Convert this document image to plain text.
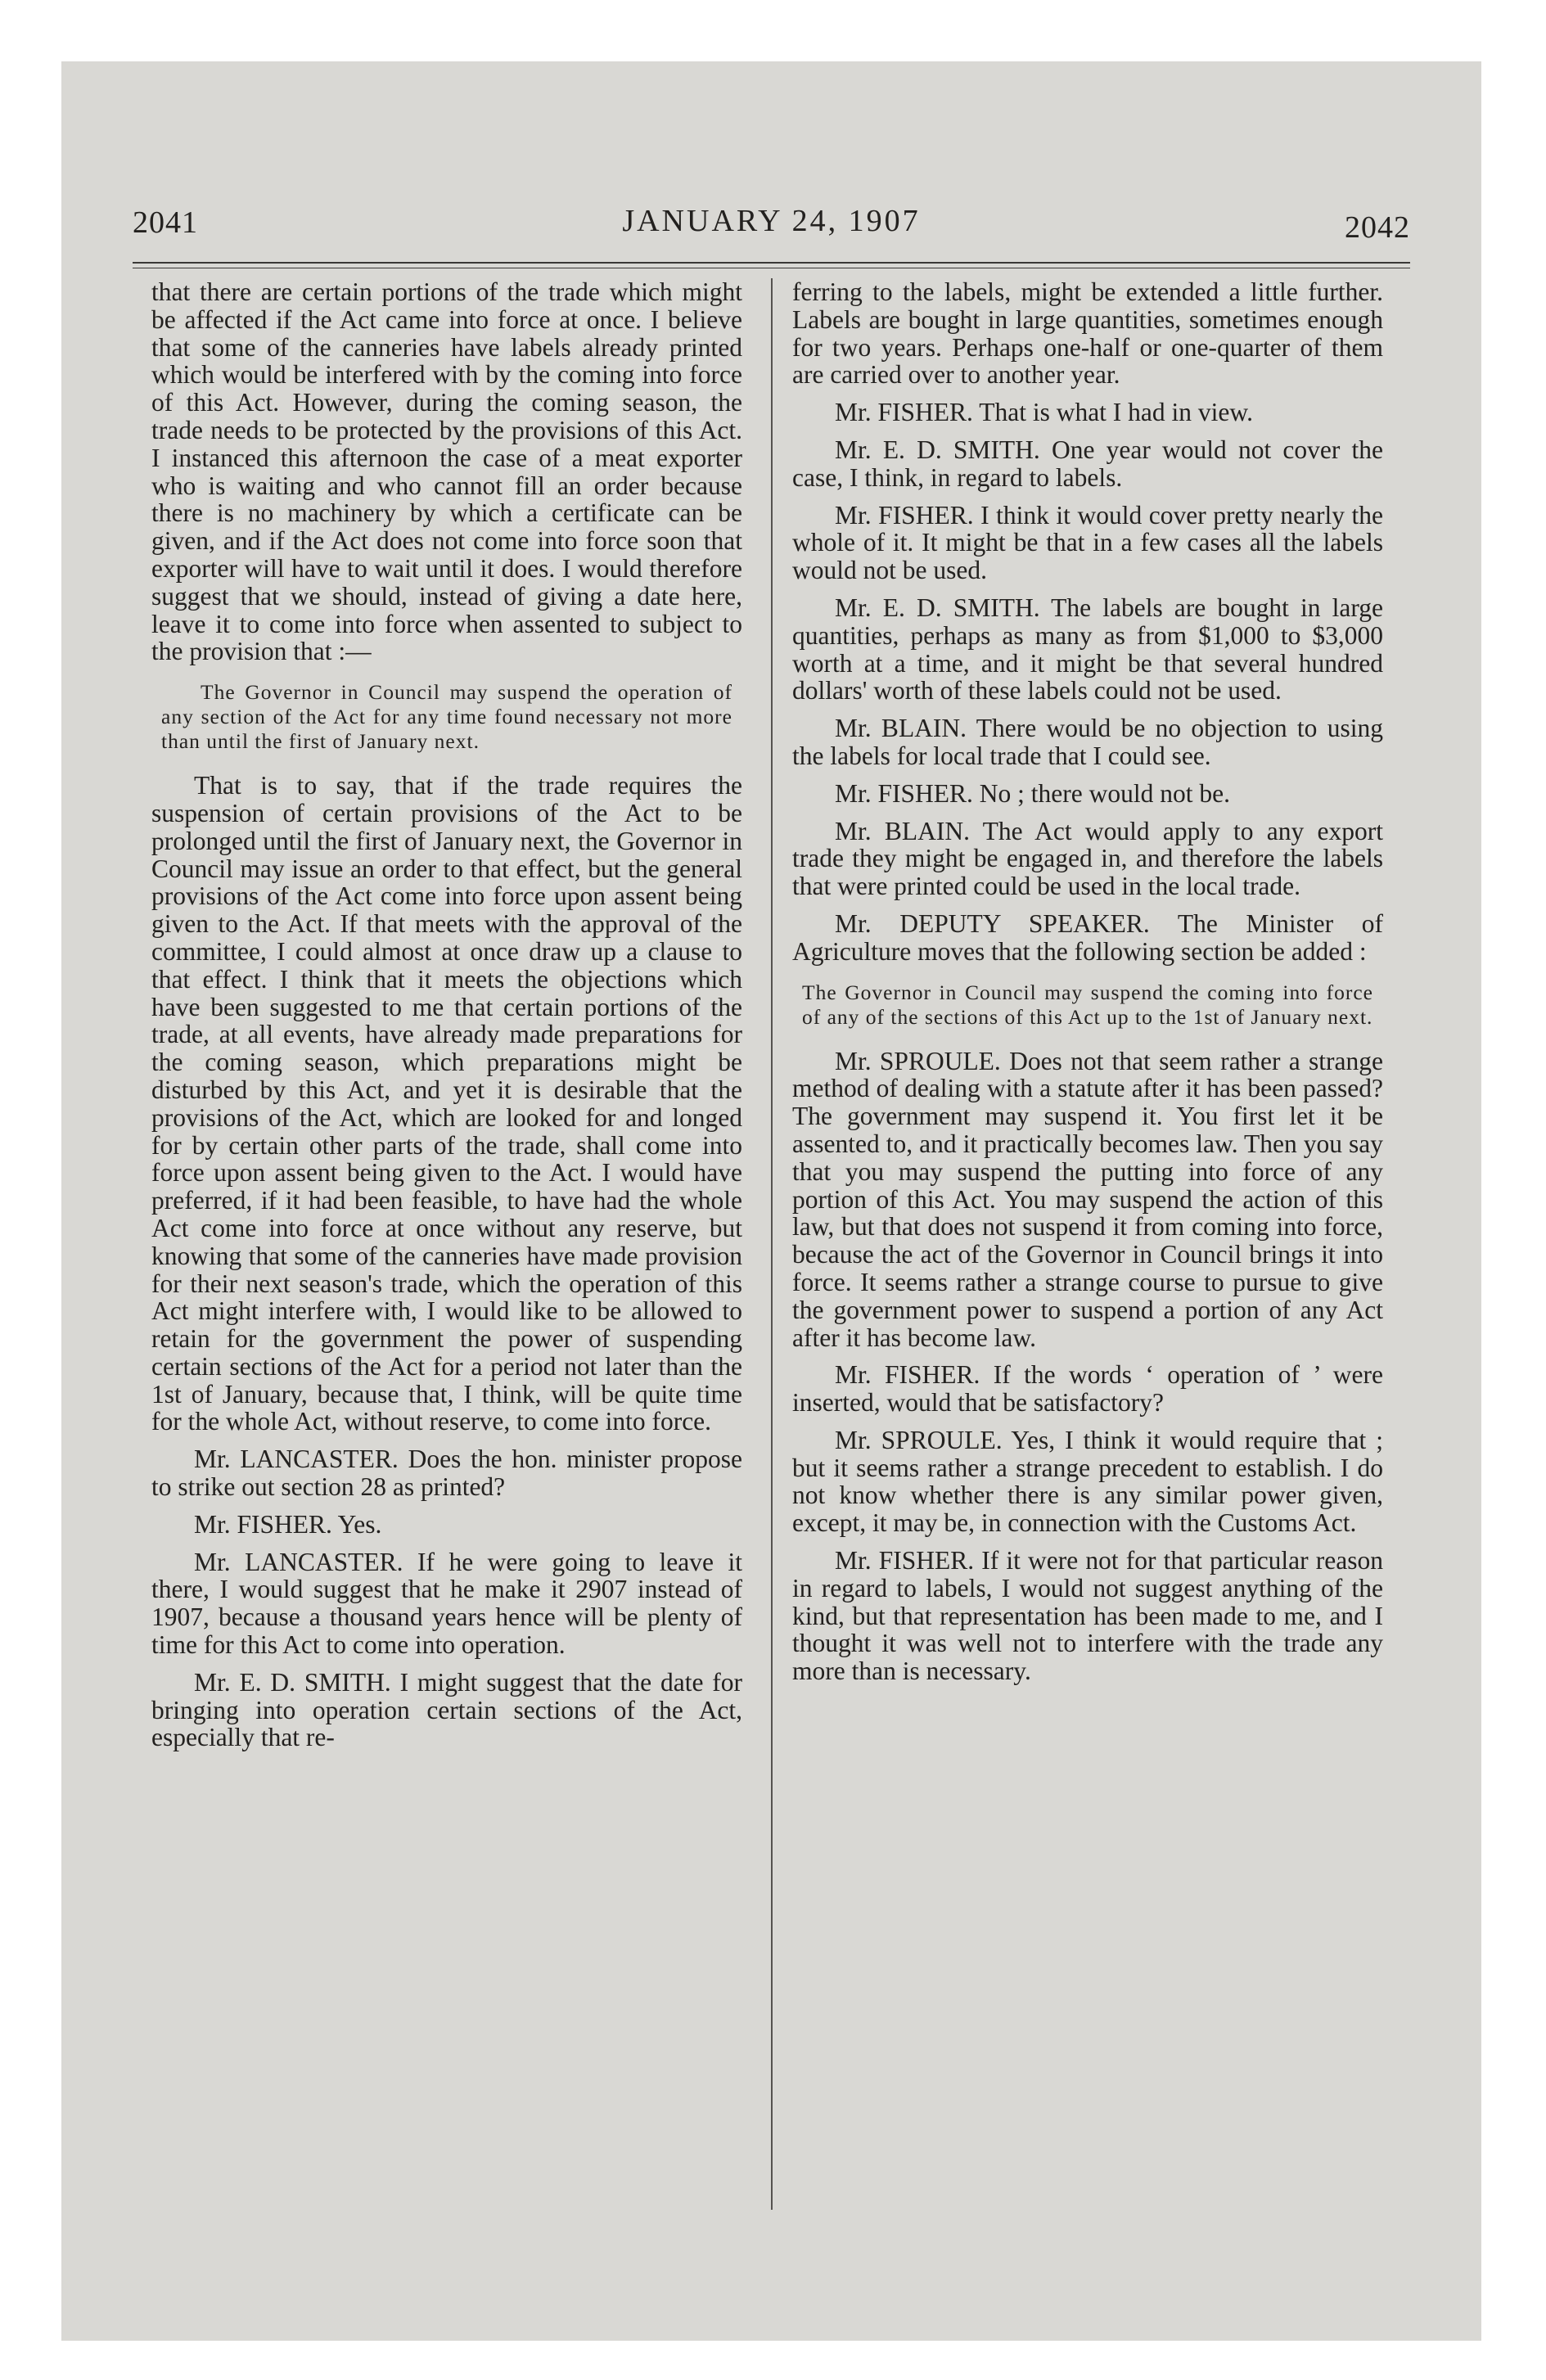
2041	JANUARY 24, 1907	2042

that there are certain portions of the trade which might be affected if the Act came into force at once. I believe that some of the canneries have labels already printed which would be interfered with by the coming into force of this Act. However, during the coming season, the trade needs to be protected by the provisions of this Act. I instanced this afternoon the case of a meat exporter who is waiting and who cannot fill an order because there is no machinery by which a certificate can be given, and if the Act does not come into force soon that exporter will have to wait until it does. I would therefore suggest that we should, instead of giving a date here, leave it to come into force when assented to subject to the provision that :—

The Governor in Council may suspend the operation of any section of the Act for any time found necessary not more than until the first of January next.

That is to say, that if the trade requires the suspension of certain provisions of the Act to be prolonged until the first of January next, the Governor in Council may issue an order to that effect, but the general provisions of the Act come into force upon assent being given to the Act. If that meets with the approval of the committee, I could almost at once draw up a clause to that effect. I think that it meets the objections which have been suggested to me that certain portions of the trade, at all events, have already made preparations for the coming season, which preparations might be disturbed by this Act, and yet it is desirable that the provisions of the Act, which are looked for and longed for by certain other parts of the trade, shall come into force upon assent being given to the Act. I would have preferred, if it had been feasible, to have had the whole Act come into force at once without any reserve, but knowing that some of the canneries have made provision for their next season's trade, which the operation of this Act might interfere with, I would like to be allowed to retain for the government the power of suspending certain sections of the Act for a period not later than the 1st of January, because that, I think, will be quite time for the whole Act, without reserve, to come into force.

Mr. LANCASTER. Does the hon. minister propose to strike out section 28 as printed?

Mr. FISHER. Yes.

Mr. LANCASTER. If he were going to leave it there, I would suggest that he make it 2907 instead of 1907, because a thousand years hence will be plenty of time for this Act to come into operation.

Mr. E. D. SMITH. I might suggest that the date for bringing into operation certain sections of the Act, especially that re-

ferring to the labels, might be extended a little further. Labels are bought in large quantities, sometimes enough for two years. Perhaps one-half or one-quarter of them are carried over to another year.

Mr. FISHER. That is what I had in view.

Mr. E. D. SMITH. One year would not cover the case, I think, in regard to labels.

Mr. FISHER. I think it would cover pretty nearly the whole of it. It might be that in a few cases all the labels would not be used.

Mr. E. D. SMITH. The labels are bought in large quantities, perhaps as many as from $1,000 to $3,000 worth at a time, and it might be that several hundred dollars' worth of these labels could not be used.

Mr. BLAIN. There would be no objection to using the labels for local trade that I could see.

Mr. FISHER. No ; there would not be.

Mr. BLAIN. The Act would apply to any export trade they might be engaged in, and therefore the labels that were printed could be used in the local trade.

Mr. DEPUTY SPEAKER. The Minister of Agriculture moves that the following section be added :

The Governor in Council may suspend the coming into force of any of the sections of this Act up to the 1st of January next.

Mr. SPROULE. Does not that seem rather a strange method of dealing with a statute after it has been passed? The government may suspend it. You first let it be assented to, and it practically becomes law. Then you say that you may suspend the putting into force of any portion of this Act. You may suspend the action of this law, but that does not suspend it from coming into force, because the act of the Governor in Council brings it into force. It seems rather a strange course to pursue to give the government power to suspend a portion of any Act after it has become law.

Mr. FISHER. If the words ‘ operation of ’ were inserted, would that be satisfactory?

Mr. SPROULE. Yes, I think it would require that ; but it seems rather a strange precedent to establish. I do not know whether there is any similar power given, except, it may be, in connection with the Customs Act.

Mr. FISHER. If it were not for that particular reason in regard to labels, I would not suggest anything of the kind, but that representation has been made to me, and I thought it was well not to interfere with the trade any more than is necessary.
